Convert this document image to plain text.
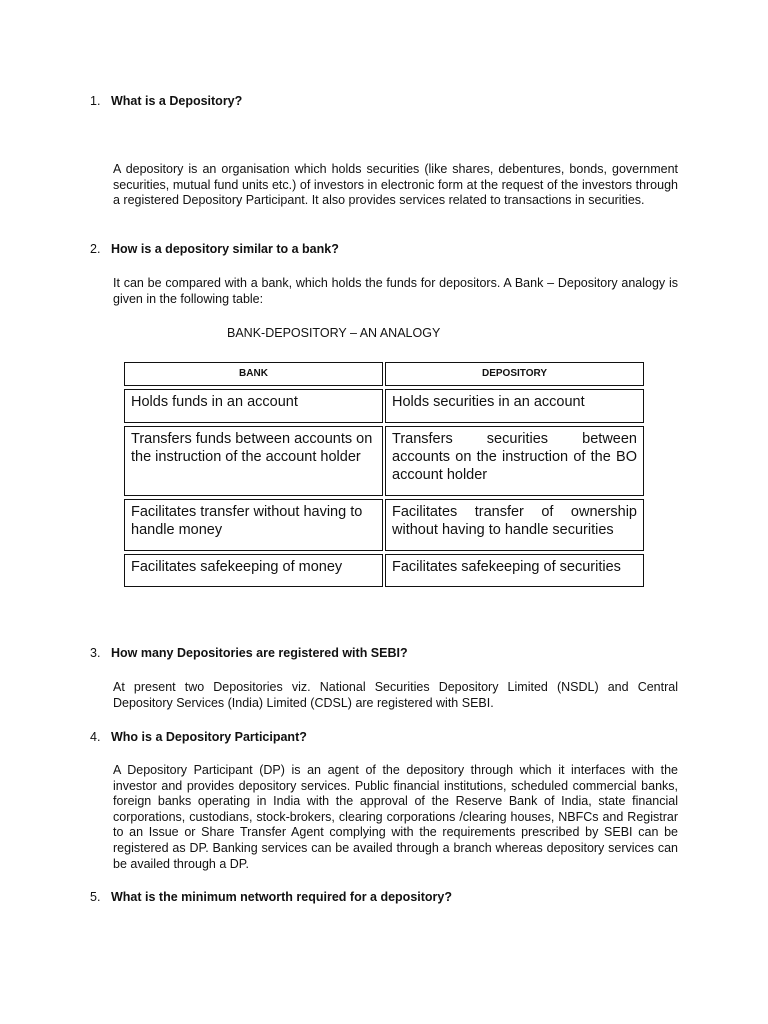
1. What is a Depository?
A depository is an organisation which holds securities (like shares, debentures, bonds, government securities, mutual fund units etc.) of investors in electronic form at the request of the investors through a registered Depository Participant. It also provides services related to transactions in securities.
2. How is a depository similar to a bank?
It can be compared with a bank, which holds the funds for depositors. A Bank – Depository analogy is given in the following table:
BANK-DEPOSITORY – AN ANALOGY
BANK	DEPOSITORY
Holds funds in an account	Holds securities in an account
Transfers funds between accounts on the instruction of the account holder	Transfers securities between accounts on the instruction of the BO account holder
Facilitates transfer without having to handle money	Facilitates transfer of ownership without having to handle securities
Facilitates safekeeping of money	Facilitates safekeeping of securities
3. How many Depositories are registered with SEBI?
At present two Depositories viz. National Securities Depository Limited (NSDL) and Central Depository Services (India) Limited (CDSL) are registered with SEBI.
4. Who is a Depository Participant?
A Depository Participant (DP) is an agent of the depository through which it interfaces with the investor and provides depository services. Public financial institutions, scheduled commercial banks, foreign banks operating in India with the approval of the Reserve Bank of India, state financial corporations, custodians, stock-brokers, clearing corporations /clearing houses, NBFCs and Registrar to an Issue or Share Transfer Agent complying with the requirements prescribed by SEBI can be registered as DP. Banking services can be availed through a branch whereas depository services can be availed through a DP.
5. What is the minimum networth required for a depository?
